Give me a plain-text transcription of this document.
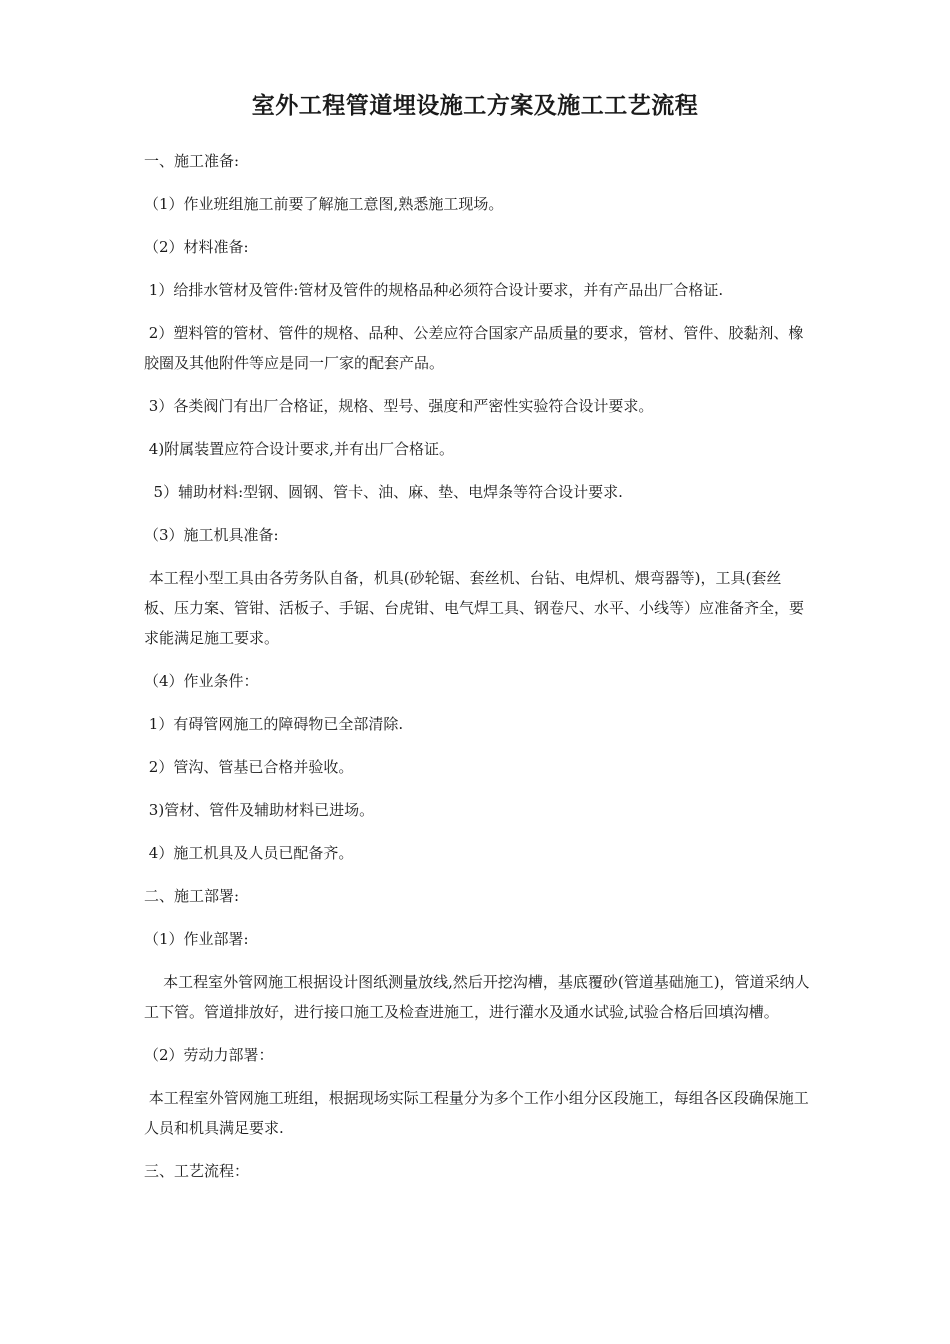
室外工程管道埋设施工方案及施工工艺流程

一、施工准备:

（1）作业班组施工前要了解施工意图,熟悉施工现场。

（2）材料准备:

1）给排水管材及管件:管材及管件的规格品种必须符合设计要求，并有产品出厂合格证.

2）塑料管的管材、管件的规格、品种、公差应符合国家产品质量的要求，管材、管件、胶黏剂、橡胶圈及其他附件等应是同一厂家的配套产品。

3）各类阀门有出厂合格证，规格、型号、强度和严密性实验符合设计要求。

4)附属装置应符合设计要求,并有出厂合格证。

5）辅助材料:型钢、圆钢、管卡、油、麻、垫、电焊条等符合设计要求.

（3）施工机具准备:

本工程小型工具由各劳务队自备，机具(砂轮锯、套丝机、台钻、电焊机、煨弯器等)，工具(套丝板、压力案、管钳、活板子、手锯、台虎钳、电气焊工具、钢卷尺、水平、小线等）应准备齐全，要求能满足施工要求。

（4）作业条件：

1）有碍管网施工的障碍物已全部清除.

2）管沟、管基已合格并验收。

3)管材、管件及辅助材料已进场。

4）施工机具及人员已配备齐。

二、施工部署:

（1）作业部署:

本工程室外管网施工根据设计图纸测量放线,然后开挖沟槽，基底覆砂(管道基础施工)，管道采纳人工下管。管道排放好，进行接口施工及检查进施工，进行灌水及通水试验,试验合格后回填沟槽。

（2）劳动力部署：

本工程室外管网施工班组，根据现场实际工程量分为多个工作小组分区段施工，每组各区段确保施工人员和机具满足要求.

三、工艺流程：
